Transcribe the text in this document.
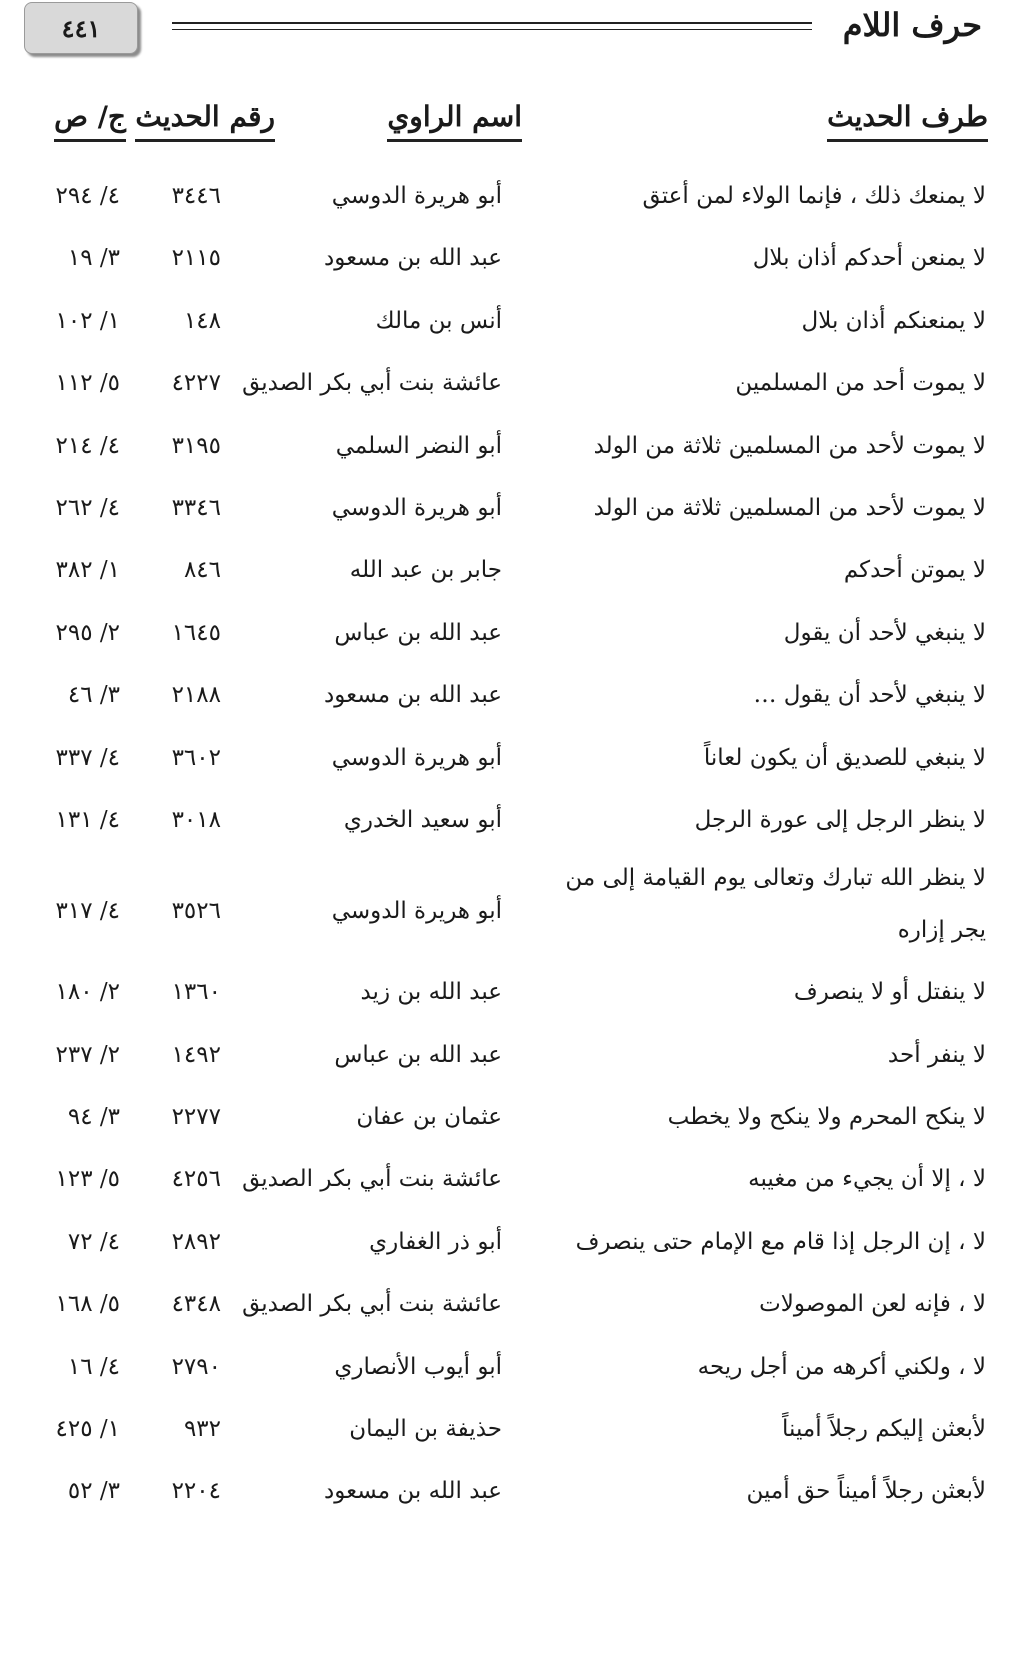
حرف اللام
٤٤١
طرف الحديث
اسم الراوي
رقم الحديث
ج/ ص
لا يمنعك ذلك ، فإنما الولاء لمن أعتق
أبو هريرة الدوسي
٣٤٤٦
٤/ ٢٩٤
لا يمنعن أحدكم أذان بلال
عبد الله بن مسعود
٢١١٥
٣/ ١٩
لا يمنعنكم أذان بلال
أنس بن مالك
١٤٨
١/ ١٠٢
لا يموت أحد من المسلمين
عائشة بنت أبي بكر الصديق
٤٢٢٧
٥/ ١١٢
لا يموت لأحد من المسلمين ثلاثة من الولد
أبو النضر السلمي
٣١٩٥
٤/ ٢١٤
لا يموت لأحد من المسلمين ثلاثة من الولد
أبو هريرة الدوسي
٣٣٤٦
٤/ ٢٦٢
لا يموتن أحدكم
جابر بن عبد الله
٨٤٦
١/ ٣٨٢
لا ينبغي لأحد أن يقول
عبد الله بن عباس
١٦٤٥
٢/ ٢٩٥
لا ينبغي لأحد أن يقول …
عبد الله بن مسعود
٢١٨٨
٣/ ٤٦
لا ينبغي للصديق أن يكون لعاناً
أبو هريرة الدوسي
٣٦٠٢
٤/ ٣٣٧
لا ينظر الرجل إلى عورة الرجل
أبو سعيد الخدري
٣٠١٨
٤/ ١٣١
لا ينظر الله تبارك وتعالى يوم القيامة إلى من يجر إزاره
أبو هريرة الدوسي
٣٥٢٦
٤/ ٣١٧
لا ينفتل أو لا ينصرف
عبد الله بن زيد
١٣٦٠
٢/ ١٨٠
لا ينفر أحد
عبد الله بن عباس
١٤٩٢
٢/ ٢٣٧
لا ينكح المحرم ولا ينكح ولا يخطب
عثمان بن عفان
٢٢٧٧
٣/ ٩٤
لا ، إلا أن يجيء من مغيبه
عائشة بنت أبي بكر الصديق
٤٢٥٦
٥/ ١٢٣
لا ، إن الرجل إذا قام مع الإمام حتى ينصرف
أبو ذر الغفاري
٢٨٩٢
٤/ ٧٢
لا ، فإنه لعن الموصولات
عائشة بنت أبي بكر الصديق
٤٣٤٨
٥/ ١٦٨
لا ، ولكني أكرهه من أجل ريحه
أبو أيوب الأنصاري
٢٧٩٠
٤/ ١٦
لأبعثن إليكم رجلاً أميناً
حذيفة بن اليمان
٩٣٢
١/ ٤٢٥
لأبعثن رجلاً أميناً حق أمين
عبد الله بن مسعود
٢٢٠٤
٣/ ٥٢
